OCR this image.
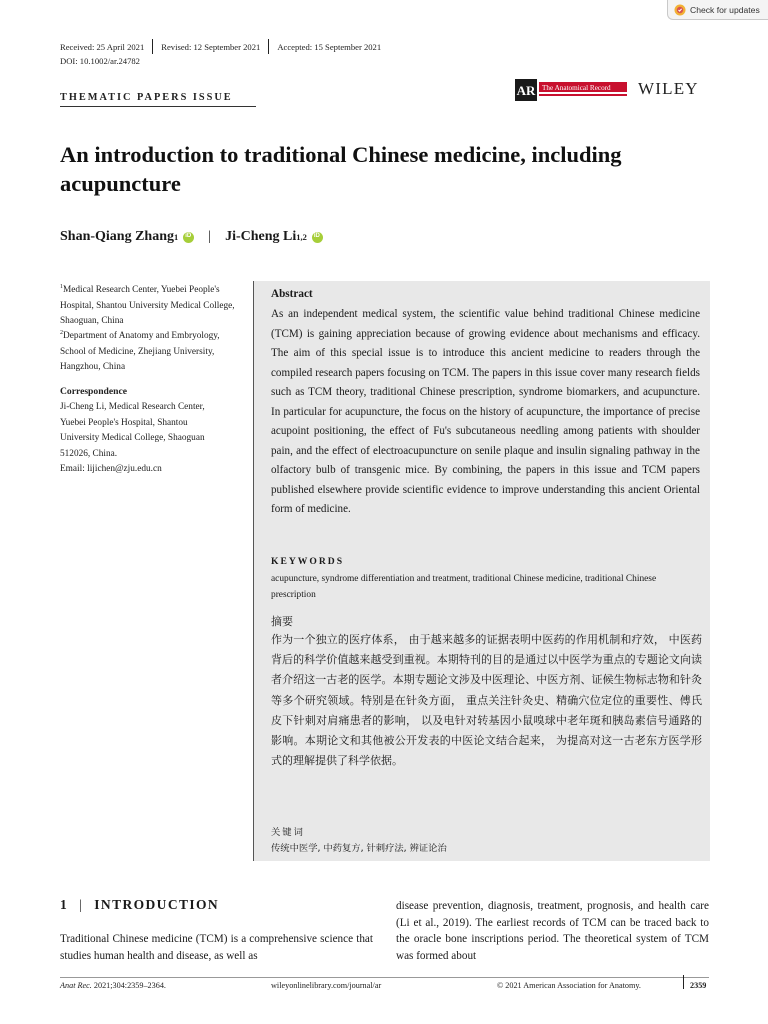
Check for updates
Received: 25 April 2021 Revised: 12 September 2021 Accepted: 15 September 2021
DOI: 10.1002/ar.24782
THEMATIC PAPERS ISSUE	AR The Anatomical Record WILEY
An introduction to traditional Chinese medicine, including acupuncture
Shan-Qiang Zhang 1
iD | Ji-Cheng Li 1,2
iD
$^1$Medical Research Center, Yuebei People's Hospital, Shantou University Medical College, Shaoguan, China
$^2$Department of Anatomy and Embryology, School of Medicine, Zhejiang University, Hangzhou, China
Correspondence
Ji-Cheng Li, Medical Research Center,
Yuebei People's Hospital, Shantou
University Medical College, Shaoguan
512026, China.
Email: lijichen@zju.edu.cn
Abstract

As an independent medical system, the scientific value behind traditional Chinese medicine (TCM) is gaining appreciation because of growing evidence about mechanisms and efficacy. The aim of this special issue is to introduce this ancient medicine to readers through the compiled research papers focusing on TCM. The papers in this issue cover many research fields such as TCM theory, traditional Chinese prescription, syndrome biomarkers, and acupuncture. In particular for acupuncture, the focus on the history of acupuncture, the importance of precise acupoint positioning, the effect of Fu's subcutaneous needling among patients with shoulder pain, and the effect of electroacupuncture on senile plaque and insulin signaling pathway in the olfactory bulb of transgenic mice. By combining, the papers in this issue and TCM papers published elsewhere provide scientific evidence to improve understanding this ancient Oriental form of medicine.

KEYWORDS
acupuncture, syndrome differentiation and treatment, traditional Chinese medicine, traditional Chinese prescription
摘要

作为一个独立的医疗体系， 由于越来越多的证据表明中医药的作用机制和疗效， 中医药背后的科学价值越来越受到重视。本期特刊的目的是通过以中医学为重点的专题论文向读者介绍这一古老的医学。本期专题论文涉及中医理论、中医方剂、证候生物标志物和针灸等多个研究领域。特别是在针灸方面， 重点关注针灸史、精确穴位定位的重要性、傅氏皮下针刺对肩痛患者的影响， 以及电针对转基因小鼠嗅球中老年斑和胰岛素信号通路的影响。本期论文和其他被公开发表的中医论文结合起来， 为提高对这一古老东方医学形式的理解提供了科学依据。

关键词
传统中医学, 中药复方, 针刺疗法, 辨证论治
1 | INTRODUCTION

Traditional Chinese medicine (TCM) is a comprehensive science that studies human health and disease, as well as

disease prevention, diagnosis, treatment, prognosis, and health care (Li et al., 2019). The earliest records of TCM can be traced back to the oracle bone inscriptions period. The theoretical system of TCM was formed about

Anat Rec. 2021;304:2359–2364.	wileyonlinelibrary.com/journal/ar	© 2021 American Association for Anatomy.	2359
